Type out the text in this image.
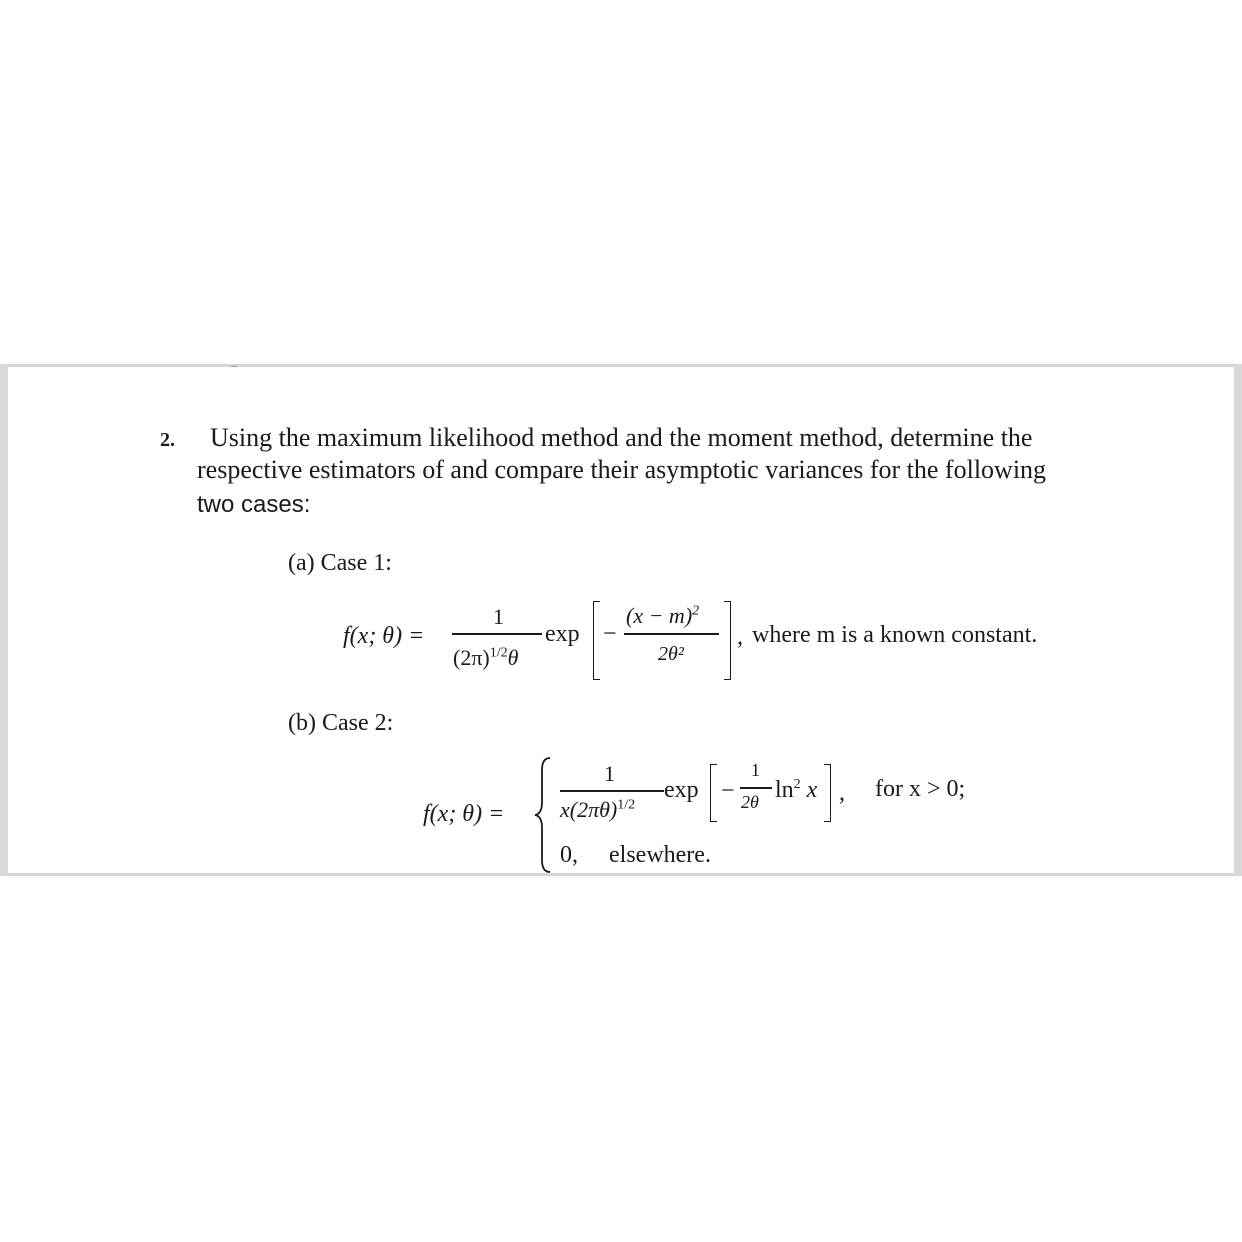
2. Using the maximum likelihood method and the moment method, determine the
respective estimators of and compare their asymptotic variances for the following
two cases:
(a) Case 1:
f(x; θ) =
1
$(2\pi)^{1/2}\theta$
exp −
$(x - m)^2$
2θ²
, where m is a known constant.
(b) Case 2:
f(x; θ) =
1
$x(2\pi\theta)^{1/2}$
exp −
1
2θ $\ln^2 x$ , for x > 0;
0, elsewhere.
